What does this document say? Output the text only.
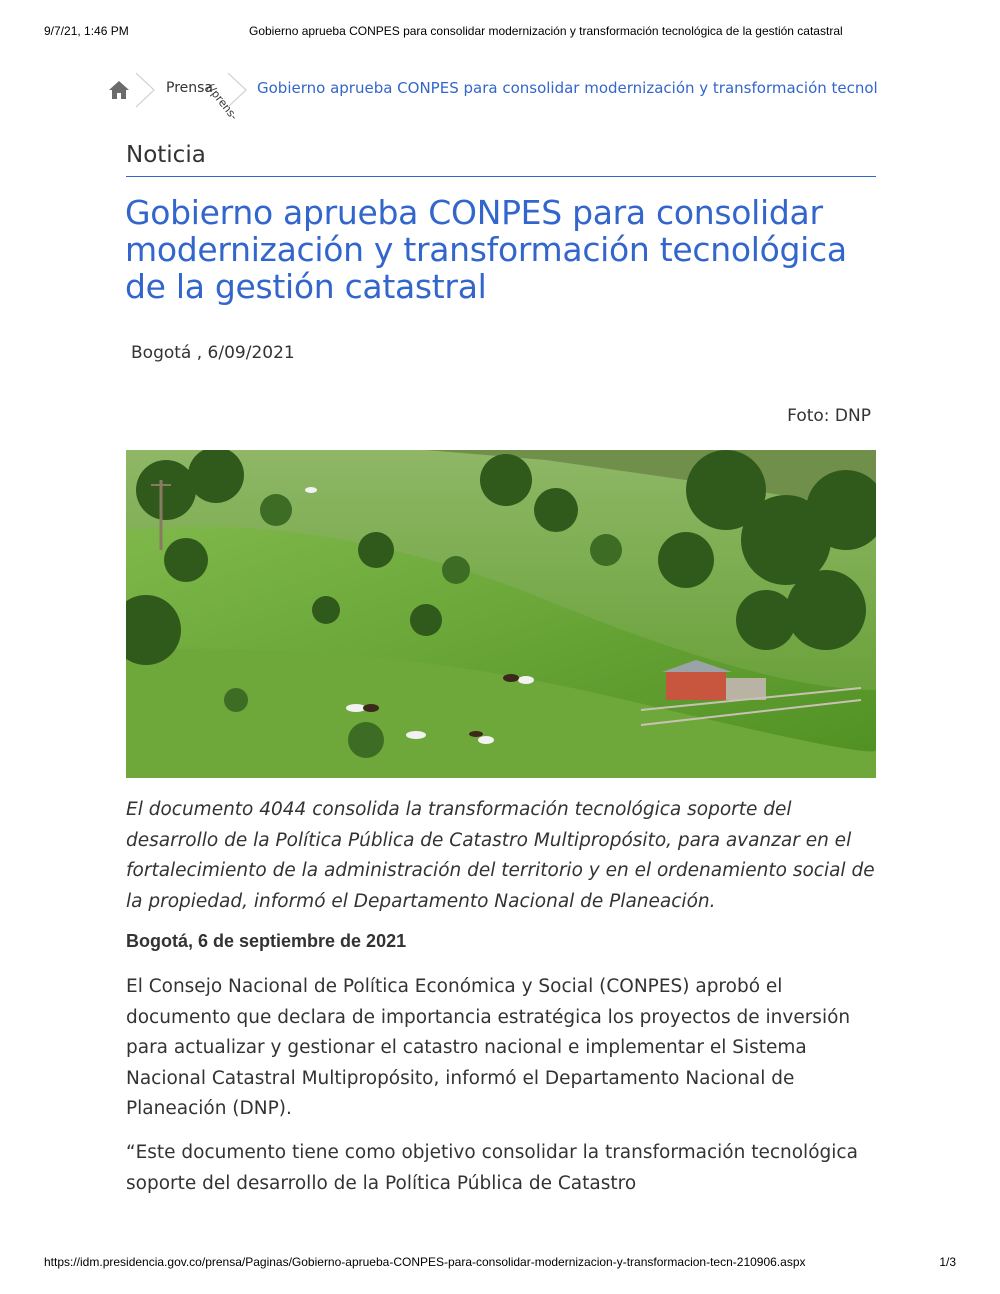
9/7/21, 1:46 PM	Gobierno aprueba CONPES para consolidar modernización y transformación tecnológica de la gestión catastral
Prensa
(/prens- Gobierno aprueba CONPES para consolidar modernización y transformación tecnol
Noticia
Gobierno aprueba CONPES para consolidar modernización y transformación tecnológica de la gestión catastral
Bogotá , 6/09/2021
Foto: DNP

El documento 4044 consolida la transformación tecnológica soporte del desarrollo de la Política Pública de Catastro Multipropósito, para avanzar en el fortalecimiento de la administración del territorio y en el ordenamiento social de la propiedad, informó el Departamento Nacional de Planeación.

Bogotá, 6 de septiembre de 2021

El Consejo Nacional de Política Económica y Social (CONPES) aprobó el documento que declara de importancia estratégica los proyectos de inversión para actualizar y gestionar el catastro nacional e implementar el Sistema Nacional Catastral Multipropósito, informó el Departamento Nacional de Planeación (DNP).

“Este documento tiene como objetivo consolidar la transformación tecnológica soporte del desarrollo de la Política Pública de Catastro

https://idm.presidencia.gov.co/prensa/Paginas/Gobierno-aprueba-CONPES-para-consolidar-modernizacion-y-transformacion-tecn-210906.aspx	1/3
